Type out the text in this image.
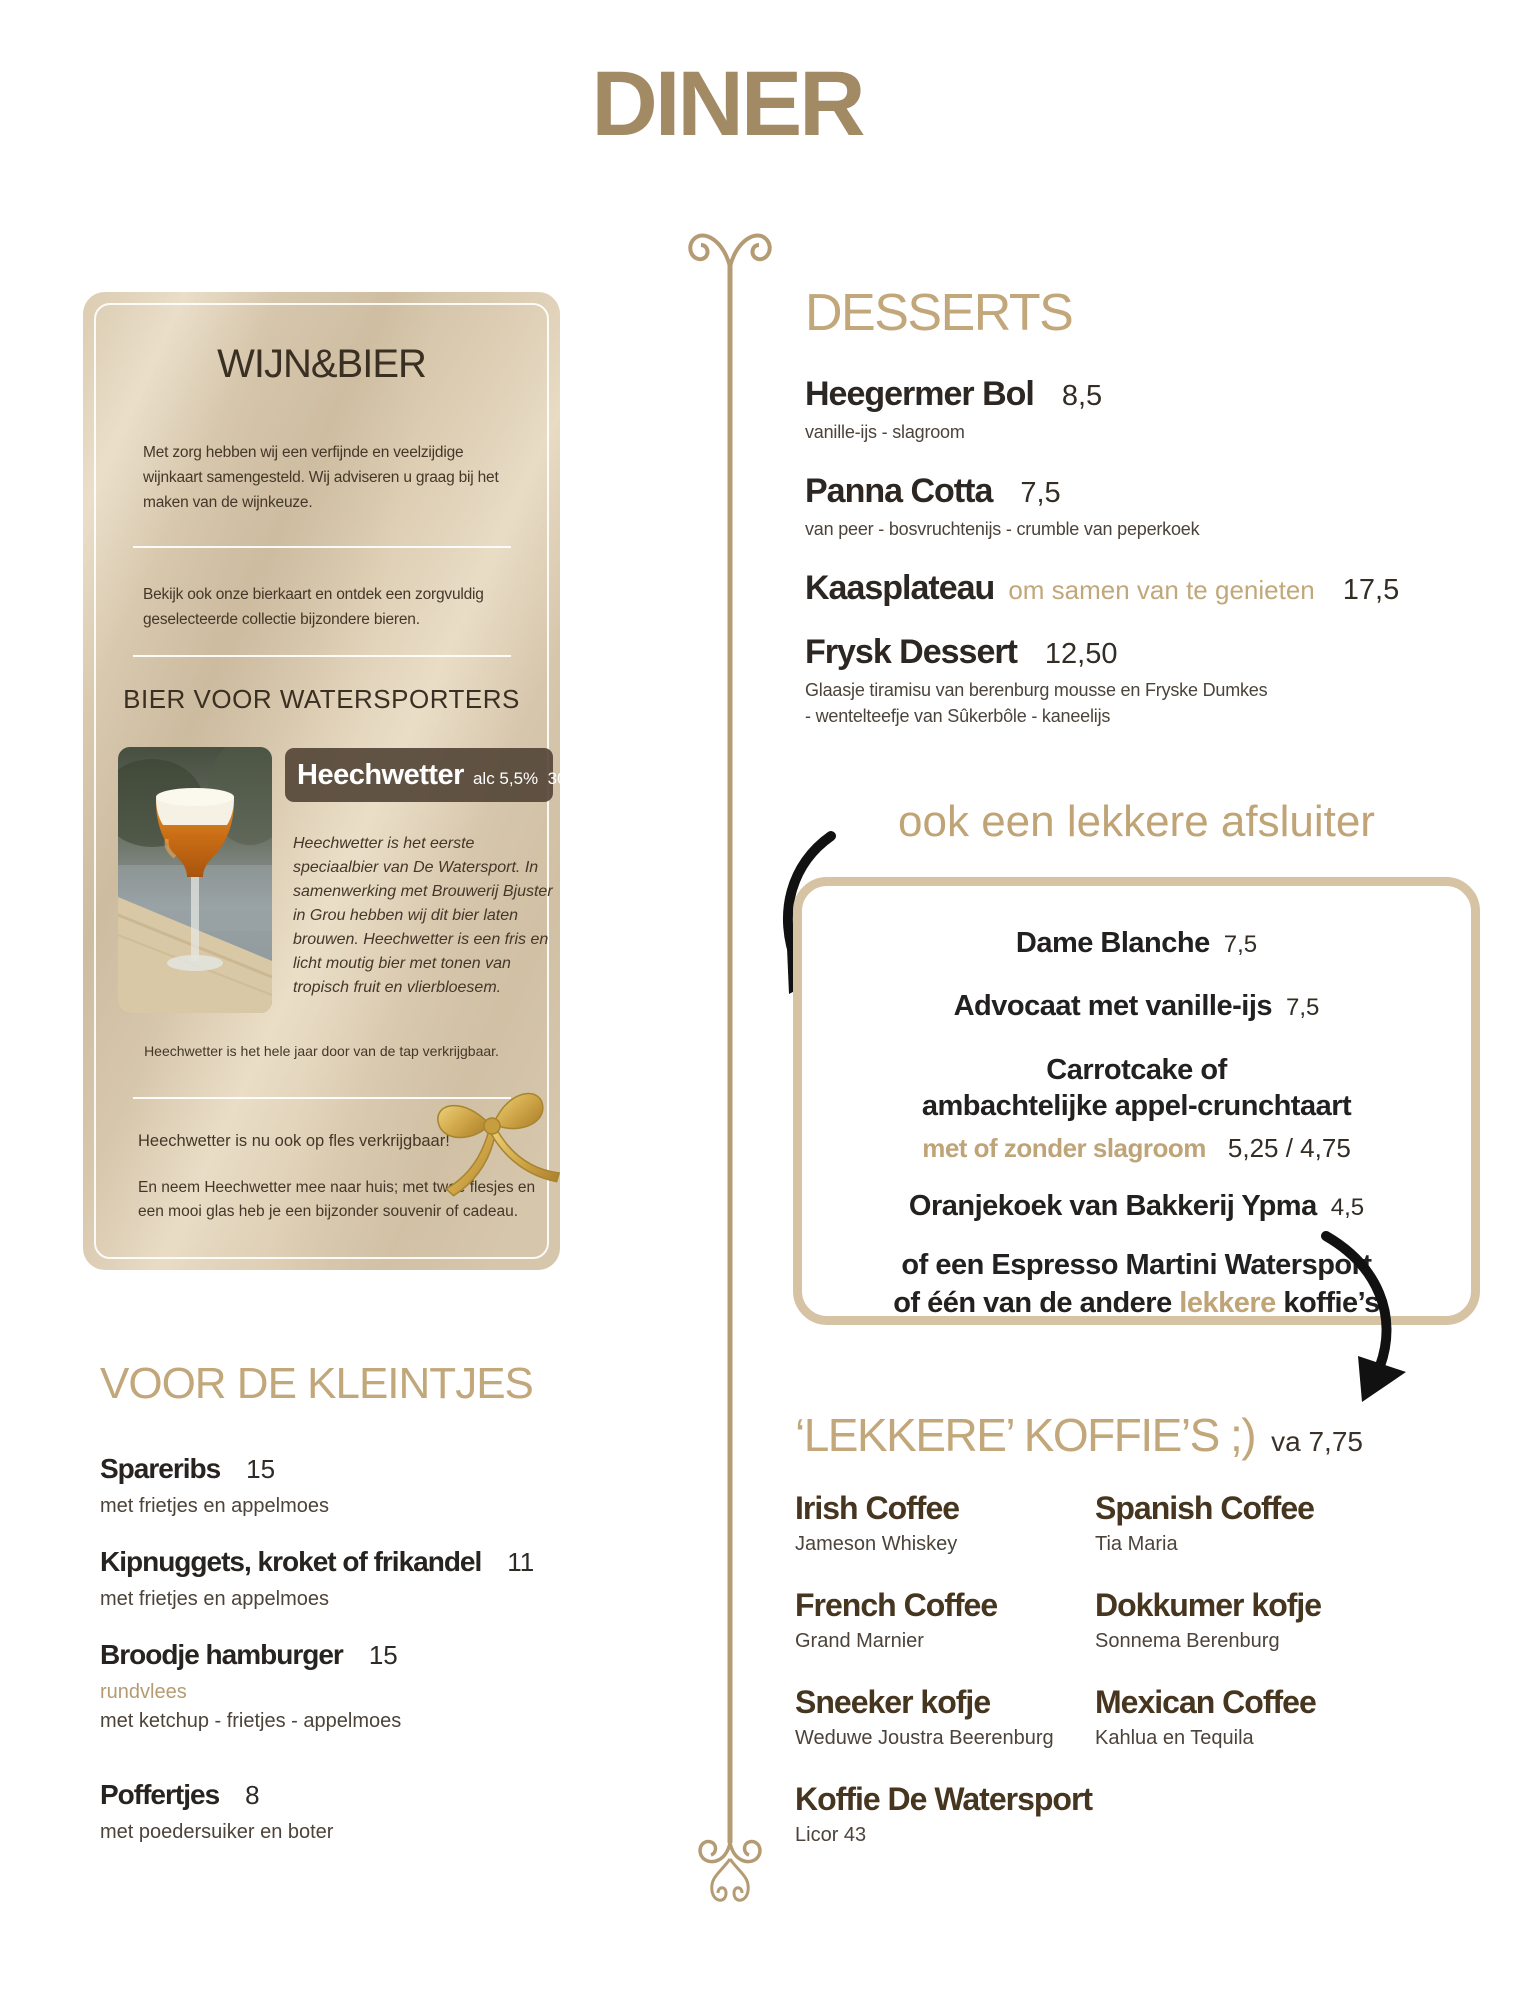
DINER
WIJN&BIER

Met zorg hebben wij een verfijnde en veelzijdige wijnkaart samengesteld. Wij adviseren u graag bij het maken van de wijnkeuze.

Bekijk ook onze bierkaart en ontdek een zorgvuldig geselecteerde collectie bijzondere bieren.

BIER VOOR WATERSPORTERS
Heechwetter alc 5,5%  30cl 5,50

Heechwetter is het eerste speciaalbier van De Watersport. In samenwerking met Brouwerij Bjuster in Grou hebben wij dit bier laten brouwen. Heechwetter is een fris en licht moutig bier met tonen van tropisch fruit en vlierbloesem.

Heechwetter is het hele jaar door van de tap verkrijgbaar.

Heechwetter is nu ook op fles verkrijgbaar!

En neem Heechwetter mee naar huis; met twee flesjes en een mooi glas heb je een bijzonder souvenir of cadeau.

VOOR DE KLEINTJES
Spareribs 15
met frietjes en appelmoes
Kipnuggets, kroket of frikandel 11
met frietjes en appelmoes
Broodje hamburger 15
rundvlees
met ketchup - frietjes - appelmoes
Poffertjes 8
met poedersuiker en boter
DESSERTS
Heegermer Bol 8,5
vanille-ijs - slagroom
Panna Cotta 7,5
van peer - bosvruchtenijs - crumble van peperkoek
Kaasplateau om samen van te genieten 17,5
Frysk Dessert 12,50
Glaasje tiramisu van berenburg mousse en Fryske Dumkes - wentelteefje van Sûkerbôle - kaneelijs
ook een lekkere afsluiter
Dame Blanche 7,5
Advocaat met vanille-ijs 7,5
Carrotcake of
ambachtelijke appel-crunchtaart
met of zonder slagroom 5,25 / 4,75
Oranjekoek van Bakkerij Ypma 4,5
of een Espresso Martini Watersport
of één van de andere lekkere koffie’s
‘LEKKERE’ KOFFIE’S ;) va 7,75
Irish Coffee
Jameson Whiskey
Spanish Coffee
Tia Maria
French Coffee
Grand Marnier
Dokkumer kofje
Sonnema Berenburg
Sneeker kofje
Weduwe Joustra Beerenburg
Mexican Coffee
Kahlua en Tequila
Koffie De Watersport
Licor 43
